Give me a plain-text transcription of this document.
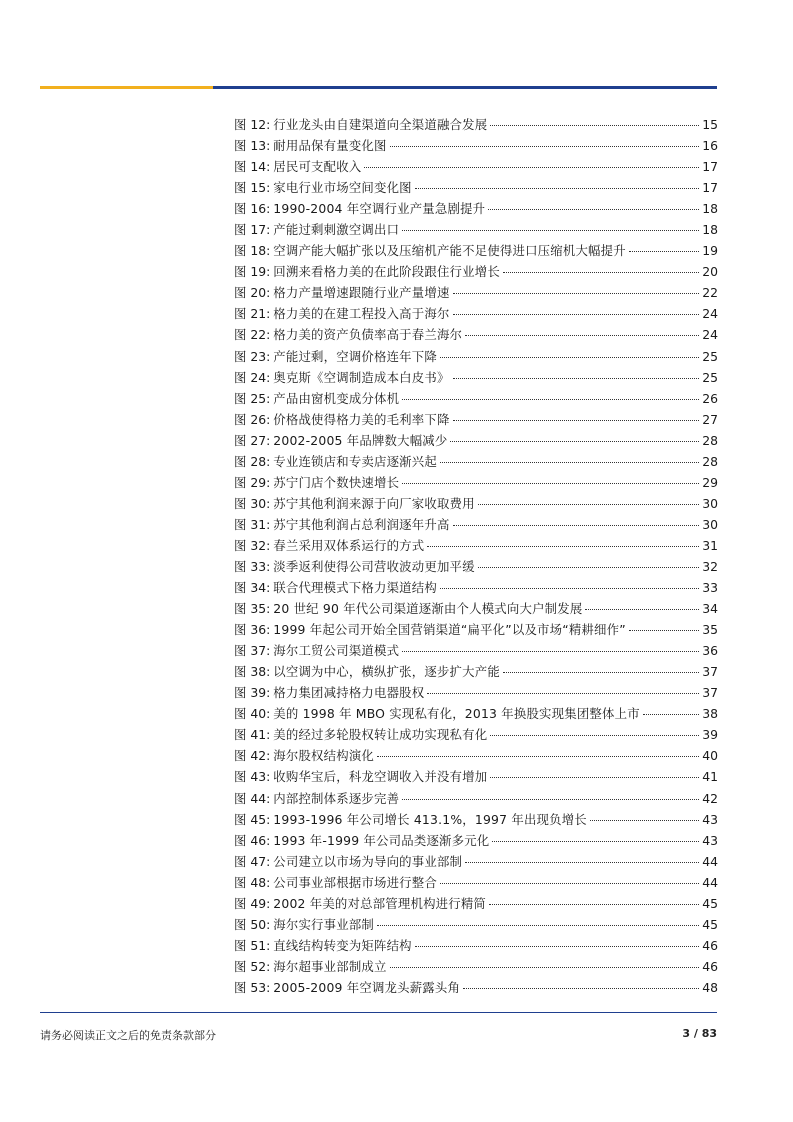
图 12: 行业龙头由自建渠道向全渠道融合发展	15
图 13: 耐用品保有量变化图	16
图 14: 居民可支配收入	17
图 15: 家电行业市场空间变化图	17
图 16: 1990-2004 年空调行业产量急剧提升	18
图 17: 产能过剩刺激空调出口	18
图 18: 空调产能大幅扩张以及压缩机产能不足使得进口压缩机大幅提升	19
图 19: 回溯来看格力美的在此阶段跟住行业增长	20
图 20: 格力产量增速跟随行业产量增速	22
图 21: 格力美的在建工程投入高于海尔	24
图 22: 格力美的资产负债率高于春兰海尔	24
图 23: 产能过剩，空调价格连年下降	25
图 24: 奥克斯《空调制造成本白皮书》	25
图 25: 产品由窗机变成分体机	26
图 26: 价格战使得格力美的毛利率下降	27
图 27: 2002-2005 年品牌数大幅减少	28
图 28: 专业连锁店和专卖店逐渐兴起	28
图 29: 苏宁门店个数快速增长	29
图 30: 苏宁其他利润来源于向厂家收取费用	30
图 31: 苏宁其他利润占总利润逐年升高	30
图 32: 春兰采用双体系运行的方式	31
图 33: 淡季返利使得公司营收波动更加平缓	32
图 34: 联合代理模式下格力渠道结构	33
图 35: 20 世纪 90 年代公司渠道逐渐由个人模式向大户制发展	34
图 36: 1999 年起公司开始全国营销渠道“扁平化”以及市场“精耕细作”	35
图 37: 海尔工贸公司渠道模式	36
图 38: 以空调为中心，横纵扩张，逐步扩大产能	37
图 39: 格力集团减持格力电器股权	37
图 40: 美的 1998 年 MBO 实现私有化，2013 年换股实现集团整体上市	38
图 41: 美的经过多轮股权转让成功实现私有化	39
图 42: 海尔股权结构演化	40
图 43: 收购华宝后，科龙空调收入并没有增加	41
图 44: 内部控制体系逐步完善	42
图 45: 1993-1996 年公司增长 413.1%，1997 年出现负增长	43
图 46: 1993 年-1999 年公司品类逐渐多元化	43
图 47: 公司建立以市场为导向的事业部制	44
图 48: 公司事业部根据市场进行整合	44
图 49: 2002 年美的对总部管理机构进行精简	45
图 50: 海尔实行事业部制	45
图 51: 直线结构转变为矩阵结构	46
图 52: 海尔超事业部制成立	46
图 53: 2005-2009 年空调龙头薪露头角	48
请务必阅读正文之后的免责条款部分	3 / 83
